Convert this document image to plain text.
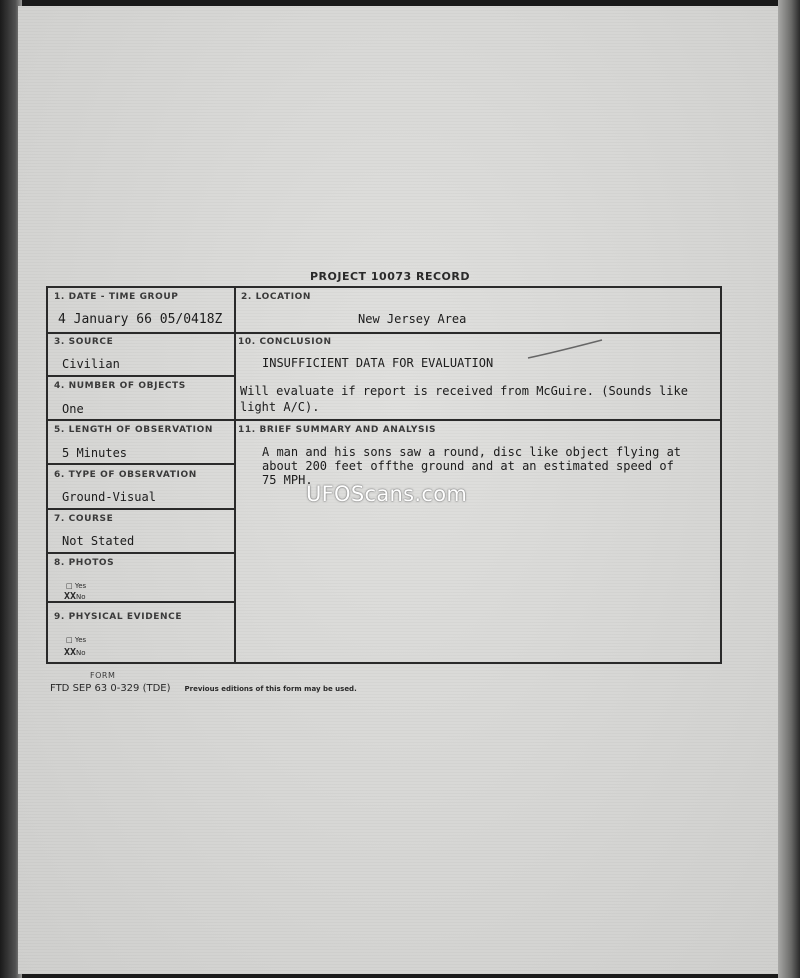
PROJECT 10073 RECORD
1. DATE - TIME GROUP
4 January 66 05/0418Z
2. LOCATION
New Jersey Area
3. SOURCE
Civilian
10. CONCLUSION
INSUFFICIENT DATA FOR EVALUATION
Will evaluate if report is received from McGuire. (Sounds like
light A/C).
4. NUMBER OF OBJECTS
One
5. LENGTH OF OBSERVATION
5 Minutes
11. BRIEF SUMMARY AND ANALYSIS
A man and his sons saw a round, disc like object flying at
about 200 feet offthe ground and at an estimated speed of
75 MPH.
6. TYPE OF OBSERVATION
Ground-Visual
7. COURSE
Not Stated
8. PHOTOS
□ Yes
XXNo
9. PHYSICAL EVIDENCE
□ Yes
XXNo
FORM
FTD SEP 63 0-329 (TDE) Previous editions of this form may be used.
UFOScans.com
